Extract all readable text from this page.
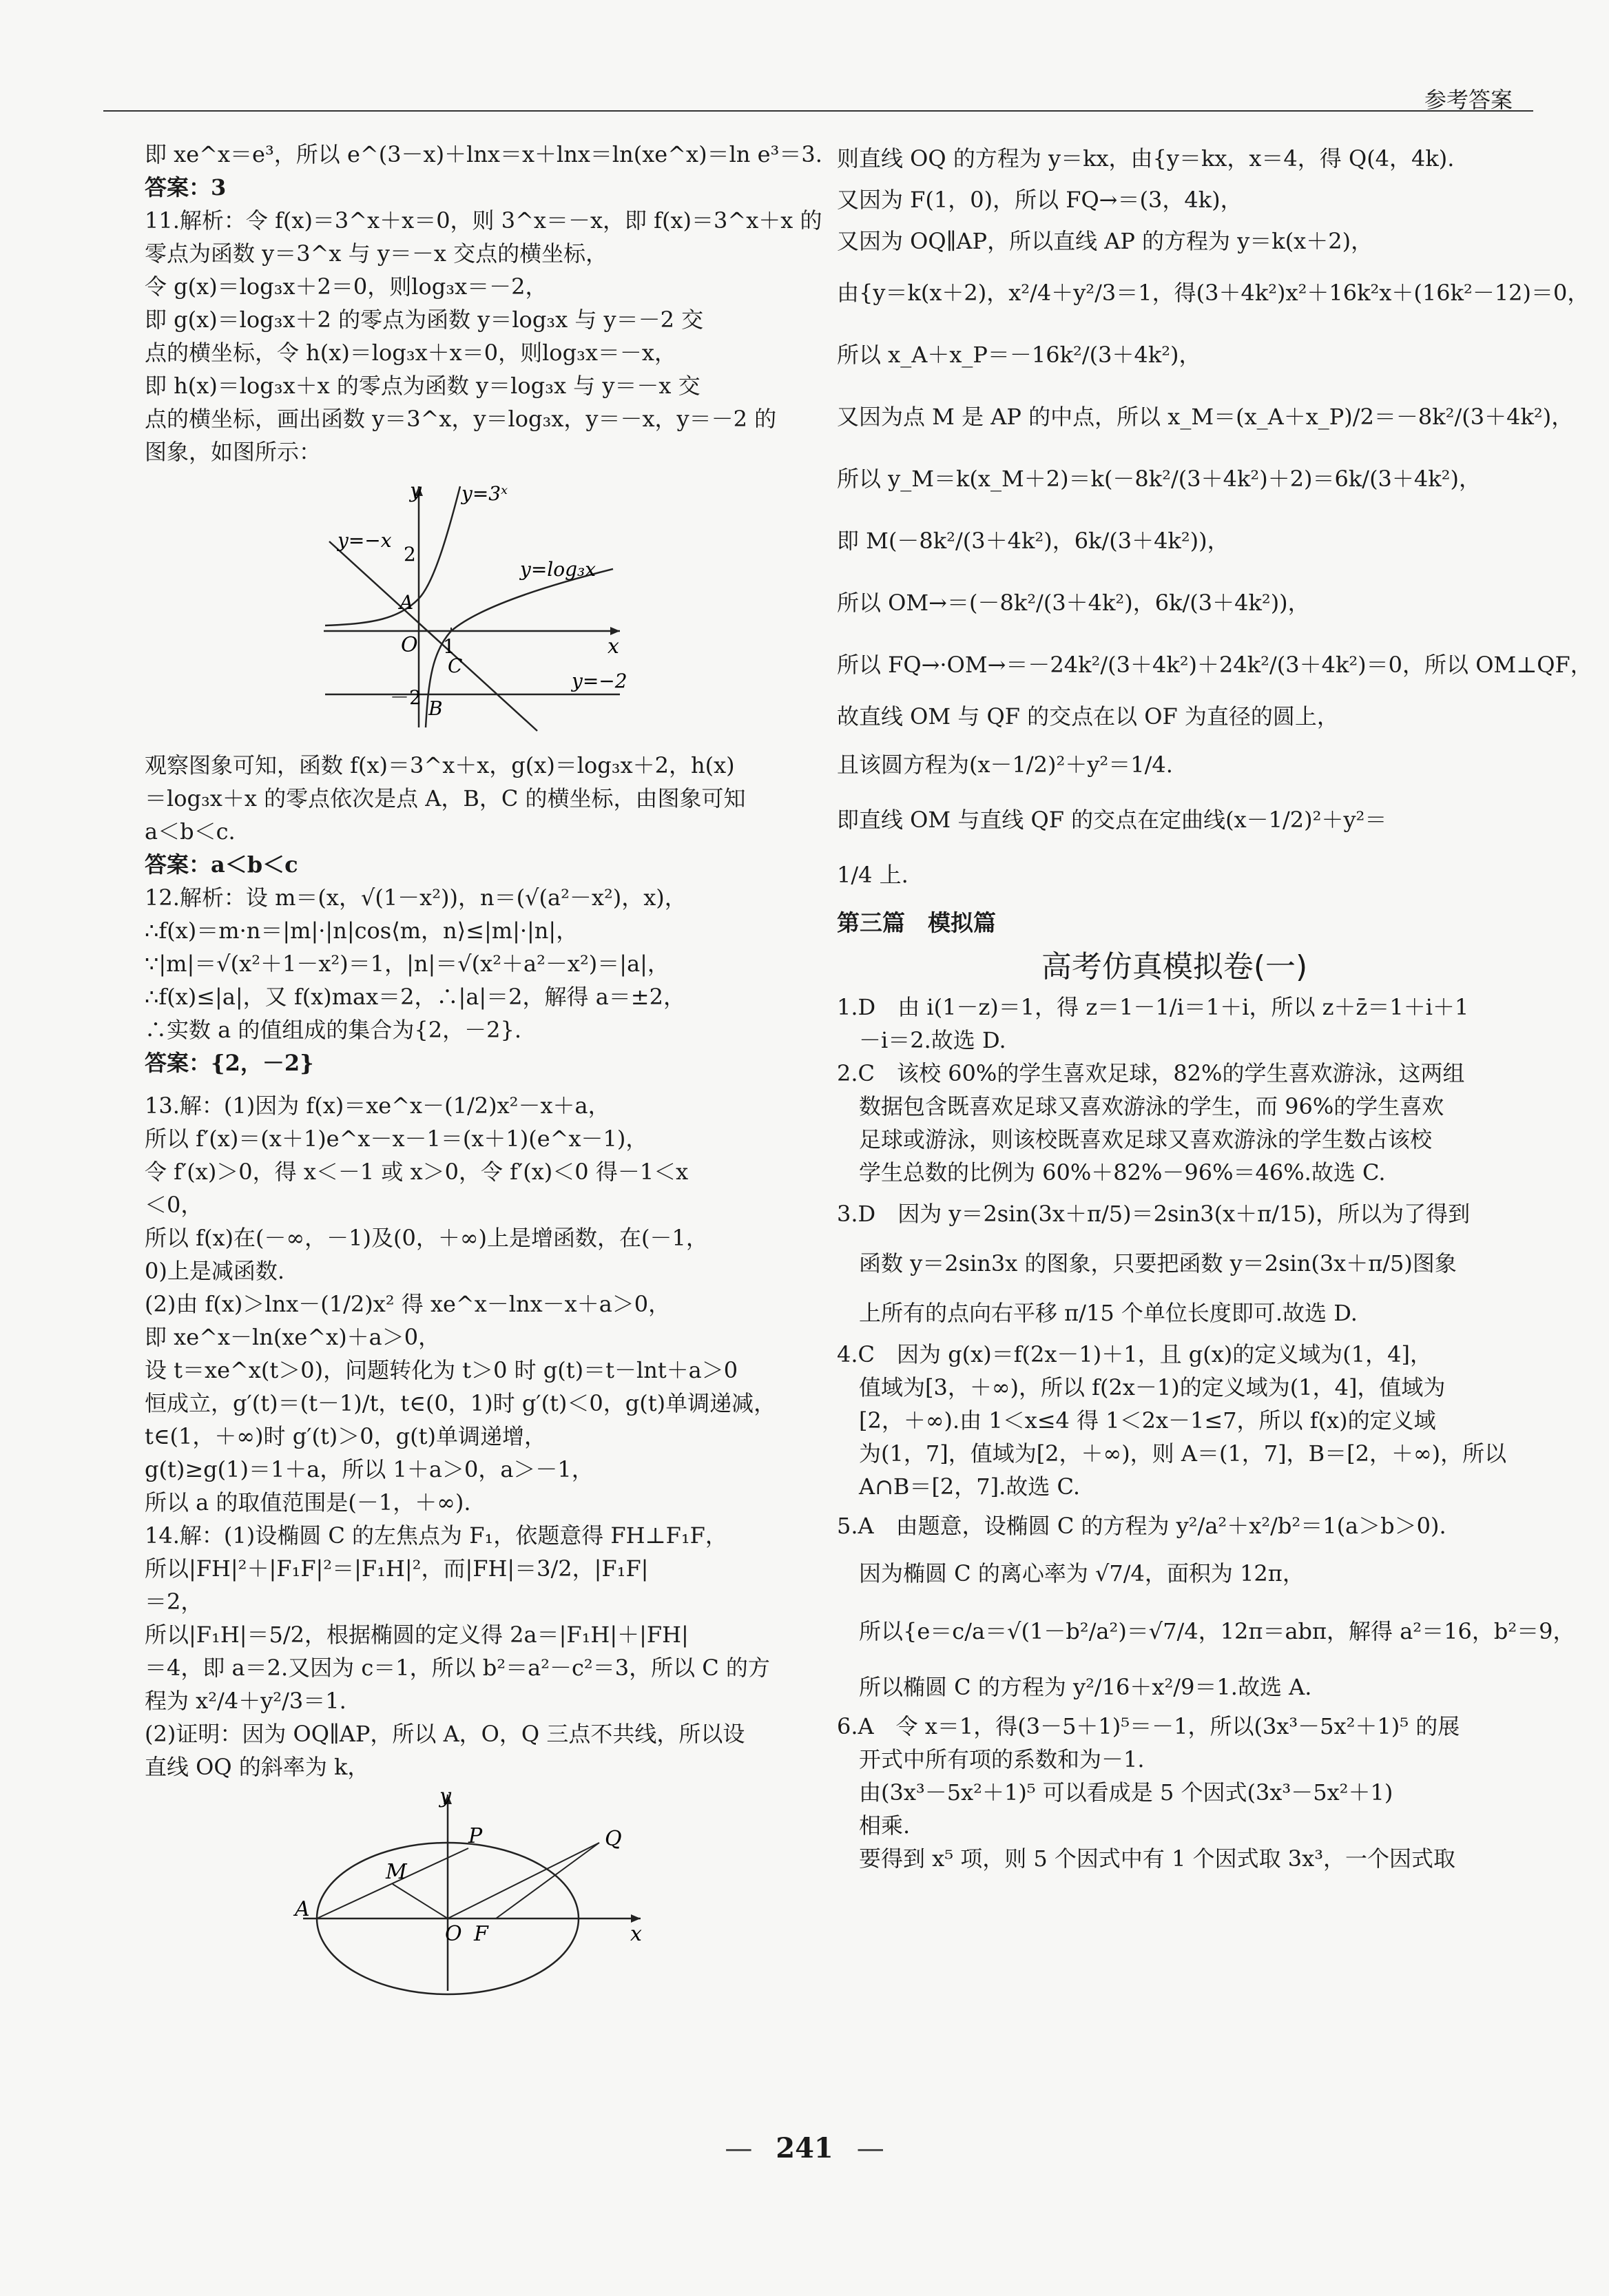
参考答案
即 xe^x＝e³，所以 e^(3－x)＋lnx＝x＋lnx＝ln(xe^x)＝ln e³＝3.
答案：3
11.解析：令 f(x)＝3^x＋x＝0，则 3^x＝－x，即 f(x)＝3^x＋x 的
零点为函数 y＝3^x 与 y＝－x 交点的横坐标，
令 g(x)＝log₃x＋2＝0，则log₃x＝－2，
即 g(x)＝log₃x＋2 的零点为函数 y＝log₃x 与 y＝－2 交
点的横坐标，令 h(x)＝log₃x＋x＝0，则log₃x＝－x，
即 h(x)＝log₃x＋x 的零点为函数 y＝log₃x 与 y＝－x 交
点的横坐标，画出函数 y＝3^x，y＝log₃x，y＝－x，y＝－2 的
图象，如图所示：
y
x
O 1
2
－2
y=3ˣ
y=log₃x
y=−x
y=−2
A
B
C
观察图象可知，函数 f(x)＝3^x＋x，g(x)＝log₃x＋2，h(x)
＝log₃x＋x 的零点依次是点 A，B，C 的横坐标，由图象可知
a＜b＜c.
答案：a＜b＜c
12.解析：设 m＝(x，√(1－x²))，n＝(√(a²－x²)，x)，
∴f(x)＝m·n＝|m|·|n|cos⟨m，n⟩≤|m|·|n|，
∵|m|＝√(x²＋1－x²)＝1，|n|＝√(x²＋a²－x²)＝|a|，
∴f(x)≤|a|，又 f(x)max＝2，∴|a|＝2，解得 a＝±2，
∴实数 a 的值组成的集合为{2，－2}.
答案：{2，－2}
13.解：(1)因为 f(x)＝xe^x－(1/2)x²－x＋a，
所以 f′(x)＝(x＋1)e^x－x－1＝(x＋1)(e^x－1)，
令 f′(x)＞0，得 x＜－1 或 x＞0，令 f′(x)＜0 得－1＜x
＜0，
所以 f(x)在(－∞，－1)及(0，＋∞)上是增函数，在(－1，
0)上是减函数.
(2)由 f(x)＞lnx－(1/2)x² 得 xe^x－lnx－x＋a＞0，
即 xe^x－ln(xe^x)＋a＞0，
设 t＝xe^x(t＞0)，问题转化为 t＞0 时 g(t)＝t－lnt＋a＞0
恒成立，g′(t)＝(t－1)/t，t∈(0，1)时 g′(t)＜0，g(t)单调递减，
t∈(1，＋∞)时 g′(t)＞0，g(t)单调递增，
g(t)≥g(1)＝1＋a，所以 1＋a＞0，a＞－1，
所以 a 的取值范围是(－1，＋∞).
14.解：(1)设椭圆 C 的左焦点为 F₁，依题意得 FH⊥F₁F，
所以|FH|²＋|F₁F|²＝|F₁H|²，而|FH|＝3/2，|F₁F|
＝2，
所以|F₁H|＝5/2，根据椭圆的定义得 2a＝|F₁H|＋|FH|
＝4，即 a＝2.又因为 c＝1，所以 b²＝a²－c²＝3，所以 C 的方
程为 x²/4＋y²/3＝1.
(2)证明：因为 OQ∥AP，所以 A，O，Q 三点不共线，所以设
直线 OQ 的斜率为 k，
y
x
O
A
F
M
P	Q
则直线 OQ 的方程为 y＝kx，由{y＝kx，x＝4，得 Q(4，4k).
又因为 F(1，0)，所以 FQ→＝(3，4k)，
又因为 OQ∥AP，所以直线 AP 的方程为 y＝k(x＋2)，
由{y＝k(x＋2)，x²/4＋y²/3＝1，得(3＋4k²)x²＋16k²x＋(16k²－12)＝0，
所以 x_A＋x_P＝－16k²/(3＋4k²)，
又因为点 M 是 AP 的中点，所以 x_M＝(x_A＋x_P)/2＝－8k²/(3＋4k²)，
所以 y_M＝k(x_M＋2)＝k(－8k²/(3＋4k²)＋2)＝6k/(3＋4k²)，
即 M(－8k²/(3＋4k²)，6k/(3＋4k²))，
所以 OM→＝(－8k²/(3＋4k²)，6k/(3＋4k²))，
所以 FQ→·OM→＝－24k²/(3＋4k²)＋24k²/(3＋4k²)＝0，所以 OM⊥QF，
故直线 OM 与 QF 的交点在以 OF 为直径的圆上，
且该圆方程为(x－1/2)²＋y²＝1/4.
即直线 OM 与直线 QF 的交点在定曲线(x－1/2)²＋y²＝
1/4 上.
第三篇　模拟篇
高考仿真模拟卷(一)
1.D　由 i(1－z)＝1，得 z＝1－1/i＝1＋i，所以 z＋z̄＝1＋i＋1
　－i＝2.故选 D.
2.C　该校 60%的学生喜欢足球，82%的学生喜欢游泳，这两组
　数据包含既喜欢足球又喜欢游泳的学生，而 96%的学生喜欢
　足球或游泳，则该校既喜欢足球又喜欢游泳的学生数占该校
　学生总数的比例为 60%＋82%－96%＝46%.故选 C.
3.D　因为 y＝2sin(3x＋π/5)＝2sin3(x＋π/15)，所以为了得到
　函数 y＝2sin3x 的图象，只要把函数 y＝2sin(3x＋π/5)图象
　上所有的点向右平移 π/15 个单位长度即可.故选 D.
4.C　因为 g(x)＝f(2x－1)＋1，且 g(x)的定义域为(1，4]，
　值域为[3，＋∞)，所以 f(2x－1)的定义域为(1，4]，值域为
　[2，＋∞).由 1＜x≤4 得 1＜2x－1≤7，所以 f(x)的定义域
　为(1，7]，值域为[2，＋∞)，则 A＝(1，7]，B＝[2，＋∞)，所以
　A∩B＝[2，7].故选 C.
5.A　由题意，设椭圆 C 的方程为 y²/a²＋x²/b²＝1(a＞b＞0).
　因为椭圆 C 的离心率为 √7/4，面积为 12π，
　所以{e＝c/a＝√(1－b²/a²)＝√7/4，12π＝abπ，解得 a²＝16，b²＝9，
　所以椭圆 C 的方程为 y²/16＋x²/9＝1.故选 A.
6.A　令 x＝1，得(3－5＋1)⁵＝－1，所以(3x³－5x²＋1)⁵ 的展
　开式中所有项的系数和为－1.
　由(3x³－5x²＋1)⁵ 可以看成是 5 个因式(3x³－5x²＋1)
　相乘.
　要得到 x⁵ 项，则 5 个因式中有 1 个因式取 3x³，一个因式取
— 241 —
